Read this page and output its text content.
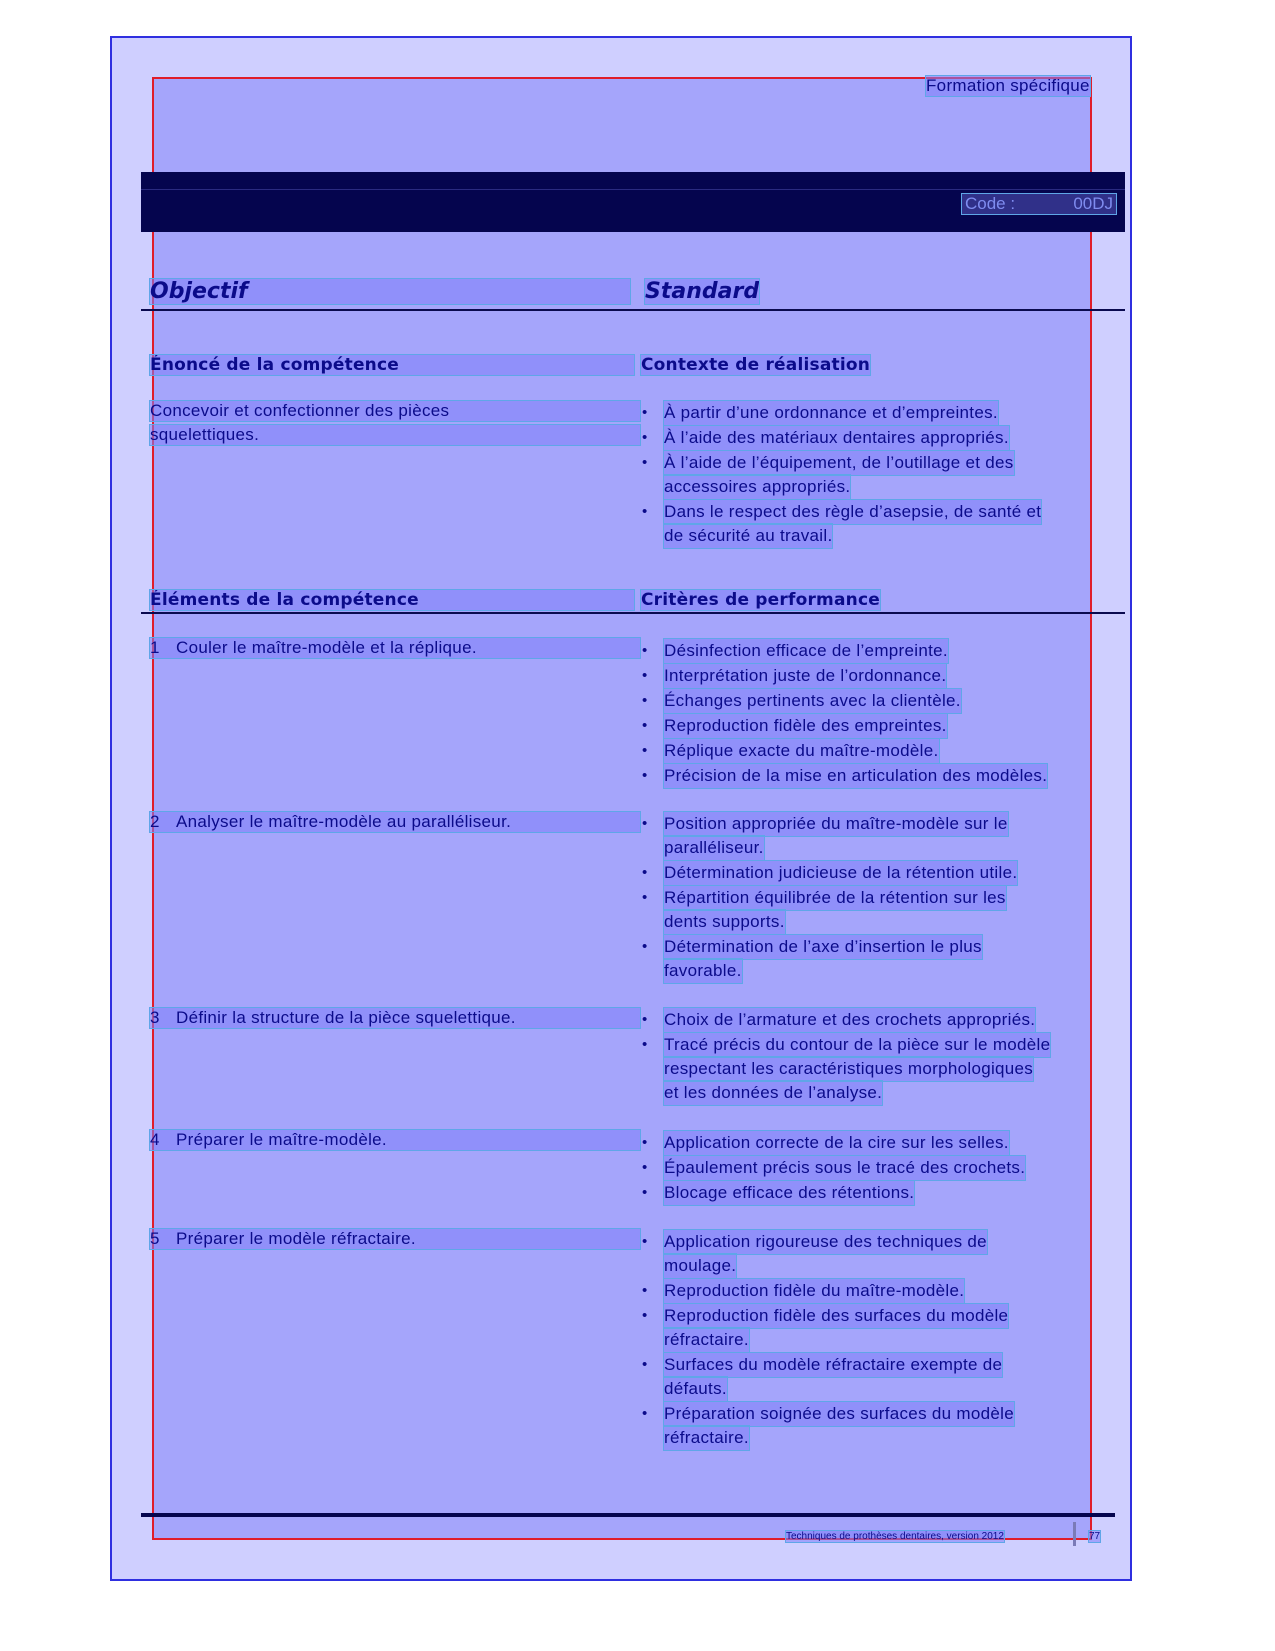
Formation spécifique
Code :	00DJ
Objectif	Standard
Énoncé de la compétence	Contexte de réalisation
Concevoir et confectionner des pièces
squelettiques.
• À partir d’une ordonnance et d’empreintes.
• À l’aide des matériaux dentaires appropriés.
• À l’aide de l’équipement, de l’outillage et des
accessoires appropriés.
• Dans le respect des règle d’asepsie, de santé et
de sécurité au travail.
Éléments de la compétence	Critères de performance
1 Couler le maître-modèle et la réplique.	• Désinfection efficace de l’empreinte.
• Interprétation juste de l’ordonnance.
• Échanges pertinents avec la clientèle.
• Reproduction fidèle des empreintes.
• Réplique exacte du maître-modèle.
• Précision de la mise en articulation des modèles.
2 Analyser le maître-modèle au paralléliseur.	• Position appropriée du maître-modèle sur le
paralléliseur.
• Détermination judicieuse de la rétention utile.
• Répartition équilibrée de la rétention sur les
dents supports.
• Détermination de l’axe d’insertion le plus
favorable.
3 Définir la structure de la pièce squelettique.	• Choix de l’armature et des crochets appropriés.
• Tracé précis du contour de la pièce sur le modèle
respectant les caractéristiques morphologiques
et les données de l’analyse.
4 Préparer le maître-modèle.	• Application correcte de la cire sur les selles.
• Épaulement précis sous le tracé des crochets.
• Blocage efficace des rétentions.
5 Préparer le modèle réfractaire.	• Application rigoureuse des techniques de
moulage.
• Reproduction fidèle du maître-modèle.
• Reproduction fidèle des surfaces du modèle
réfractaire.
• Surfaces du modèle réfractaire exempte de
défauts.
• Préparation soignée des surfaces du modèle
réfractaire.
Techniques de prothèses dentaires, version 2012	77
